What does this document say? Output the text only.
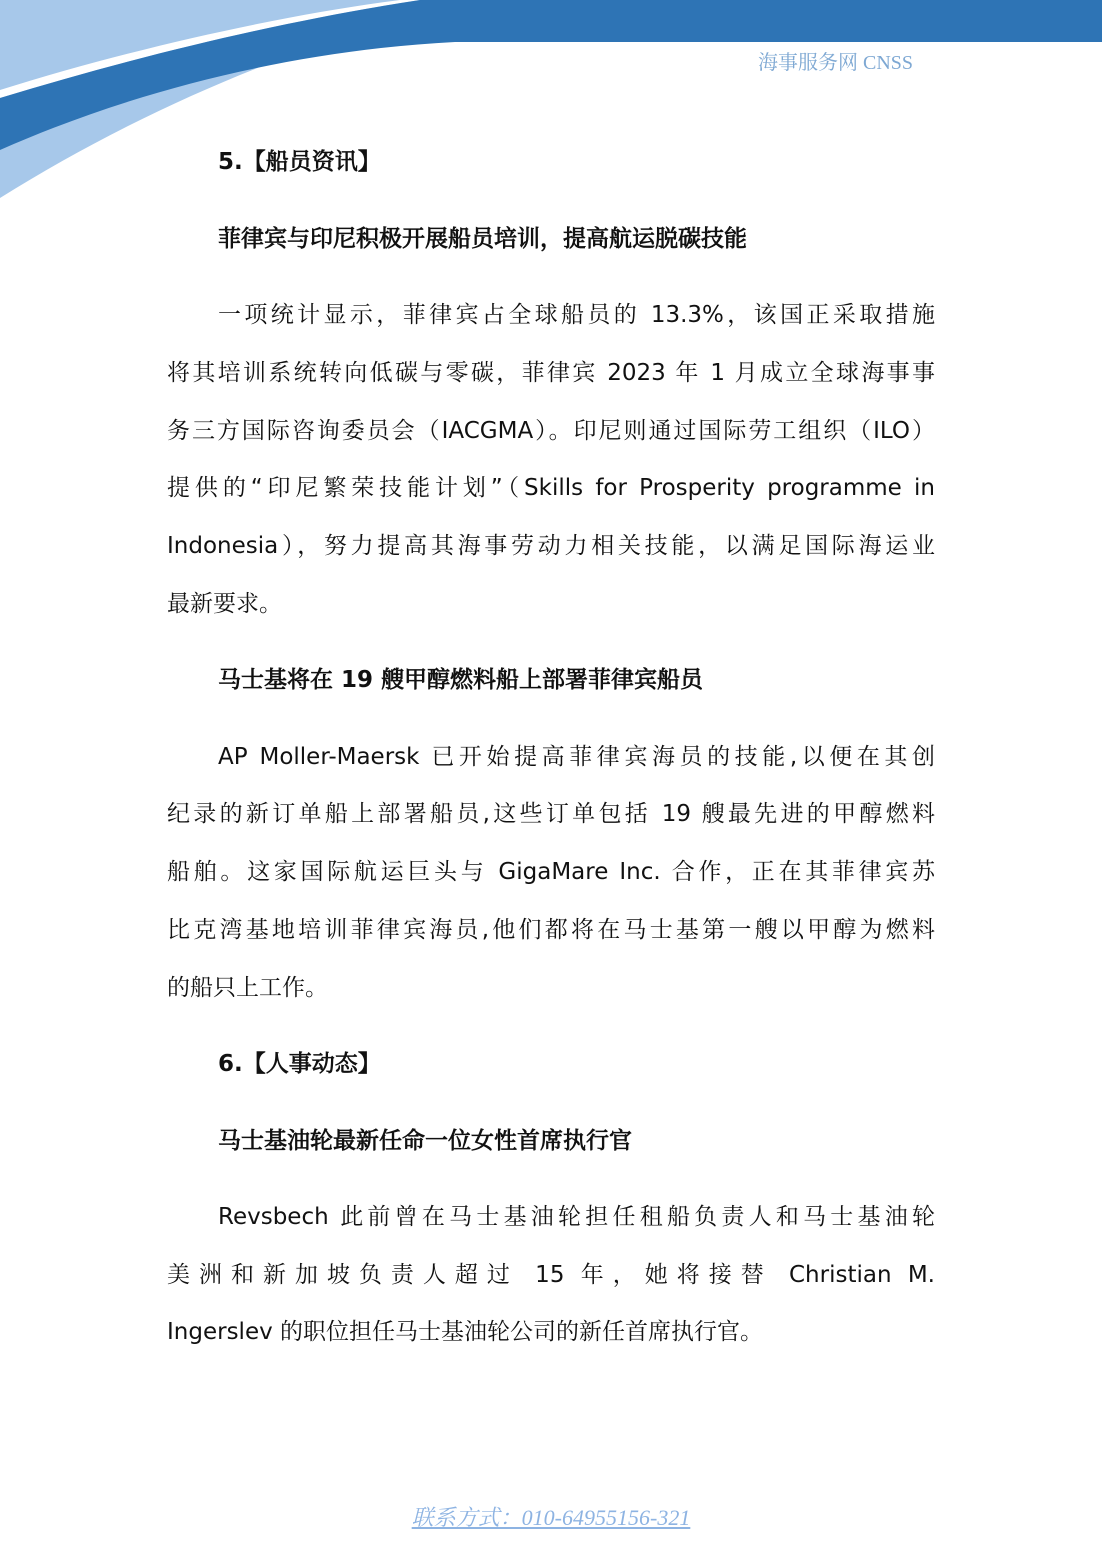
海事服务网 CNSS
5.【船员资讯】
菲律宾与印尼积极开展船员培训，提高航运脱碳技能
一项统计显示，菲律宾占全球船员的 13.3%，该国正采取措施
将其培训系统转向低碳与零碳，菲律宾 2023 年 1 月成立全球海事事
务三方国际咨询委员会（IACGMA）。印尼则通过国际劳工组织（ILO）
提供的“印尼繁荣技能计划”（Skills for Prosperity programme in
Indonesia），努力提高其海事劳动力相关技能，以满足国际海运业
最新要求。
马士基将在 19 艘甲醇燃料船上部署菲律宾船员
AP Moller-Maersk 已开始提高菲律宾海员的技能,以便在其创
纪录的新订单船上部署船员,这些订单包括 19 艘最先进的甲醇燃料
船舶。这家国际航运巨头与 GigaMare Inc. 合作，正在其菲律宾苏
比克湾基地培训菲律宾海员,他们都将在马士基第一艘以甲醇为燃料
的船只上工作。
6.【人事动态】
马士基油轮最新任命一位女性首席执行官
Revsbech 此前曾在马士基油轮担任租船负责人和马士基油轮
美洲和新加坡负责人超过 15 年，她将接替 Christian M.
Ingerslev 的职位担任马士基油轮公司的新任首席执行官。
联系方式：010-64955156-321
